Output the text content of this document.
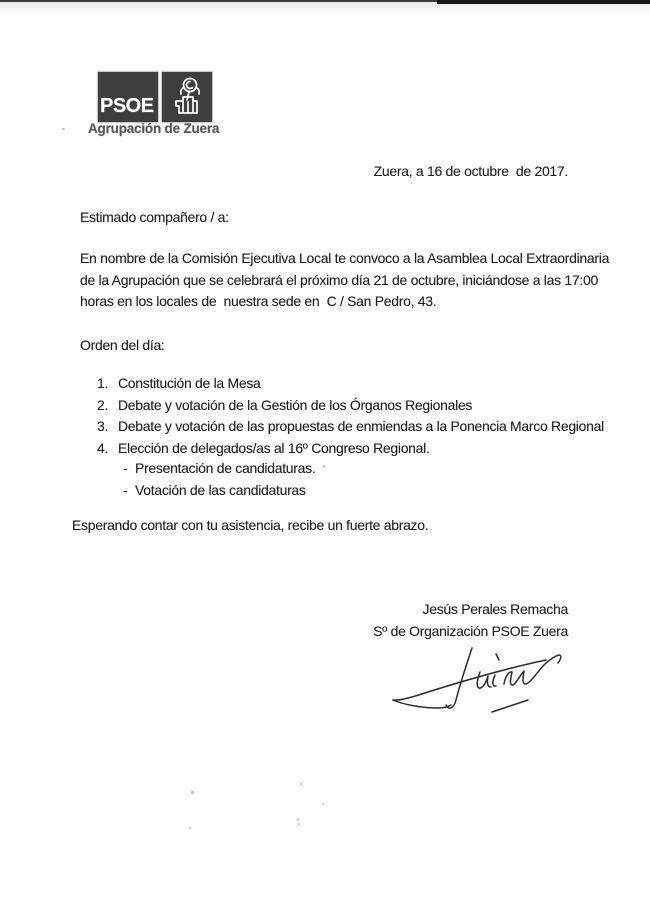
PSOE
Agrupación de Zuera
Zuera, a 16 de octubre  de 2017.
Estimado compañero / a:
En nombre de la Comisión Ejecutiva Local te convoco a la Asamblea Local Extraordinaria
de la Agrupación que se celebrará el próximo día 21 de octubre, iniciándose a las 17:00
horas en los locales de  nuestra sede en  C / San Pedro, 43.
Orden del día:
1. Constitución de la Mesa
2. Debate y votación de la Gestión de los Órganos Regionales
3. Debate y votación de las propuestas de enmiendas a la Ponencia Marco Regional
4. Elección de delegados/as al 16º Congreso Regional.
- Presentación de candidaturas.
- Votación de las candidaturas
Esperando contar con tu asistencia, recibe un fuerte abrazo.
Jesús Perales Remacha
Sº de Organización PSOE Zuera
